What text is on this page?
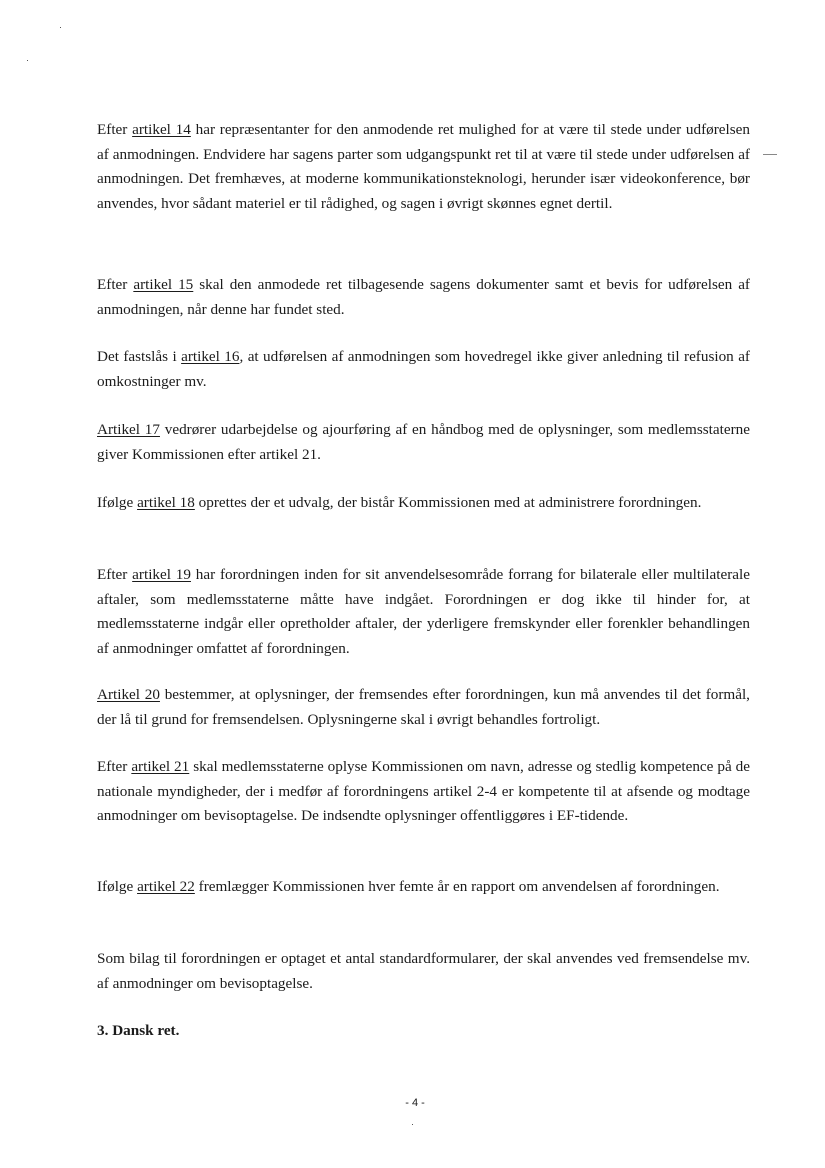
Efter artikel 14 har repræsentanter for den anmodende ret mulighed for at være til stede under udførelsen af anmodningen. Endvidere har sagens parter som udgangspunkt ret til at være til stede under udførelsen af anmodningen. Det fremhæves, at moderne kommunikationsteknologi, herunder især videokonference, bør anvendes, hvor sådant materiel er til rådighed, og sagen i øvrigt skønnes egnet dertil.

Efter artikel 15 skal den anmodede ret tilbagesende sagens dokumenter samt et bevis for udførelsen af anmodningen, når denne har fundet sted.

Det fastslås i artikel 16, at udførelsen af anmodningen som hovedregel ikke giver anledning til refusion af omkostninger mv.

Artikel 17 vedrører udarbejdelse og ajourføring af en håndbog med de oplysninger, som medlemsstaterne giver Kommissionen efter artikel 21.

Ifølge artikel 18 oprettes der et udvalg, der bistår Kommissionen med at administrere forordningen.

Efter artikel 19 har forordningen inden for sit anvendelsesområde forrang for bilaterale eller multilaterale aftaler, som medlemsstaterne måtte have indgået. Forordningen er dog ikke til hinder for, at medlemsstaterne indgår eller opretholder aftaler, der yderligere fremskynder eller forenkler behandlingen af anmodninger omfattet af forordningen.

Artikel 20 bestemmer, at oplysninger, der fremsendes efter forordningen, kun må anvendes til det formål, der lå til grund for fremsendelsen. Oplysningerne skal i øvrigt behandles fortroligt.

Efter artikel 21 skal medlemsstaterne oplyse Kommissionen om navn, adresse og stedlig kompetence på de nationale myndigheder, der i medfør af forordningens artikel 2-4 er kompetente til at afsende og modtage anmodninger om bevisoptagelse. De indsendte oplysninger offentliggøres i EF-tidende.

Ifølge artikel 22 fremlægger Kommissionen hver femte år en rapport om anvendelsen af forordningen.

Som bilag til forordningen er optaget et antal standardformularer, der skal anvendes ved fremsendelse mv. af anmodninger om bevisoptagelse.

3. Dansk ret.
- 4 -
